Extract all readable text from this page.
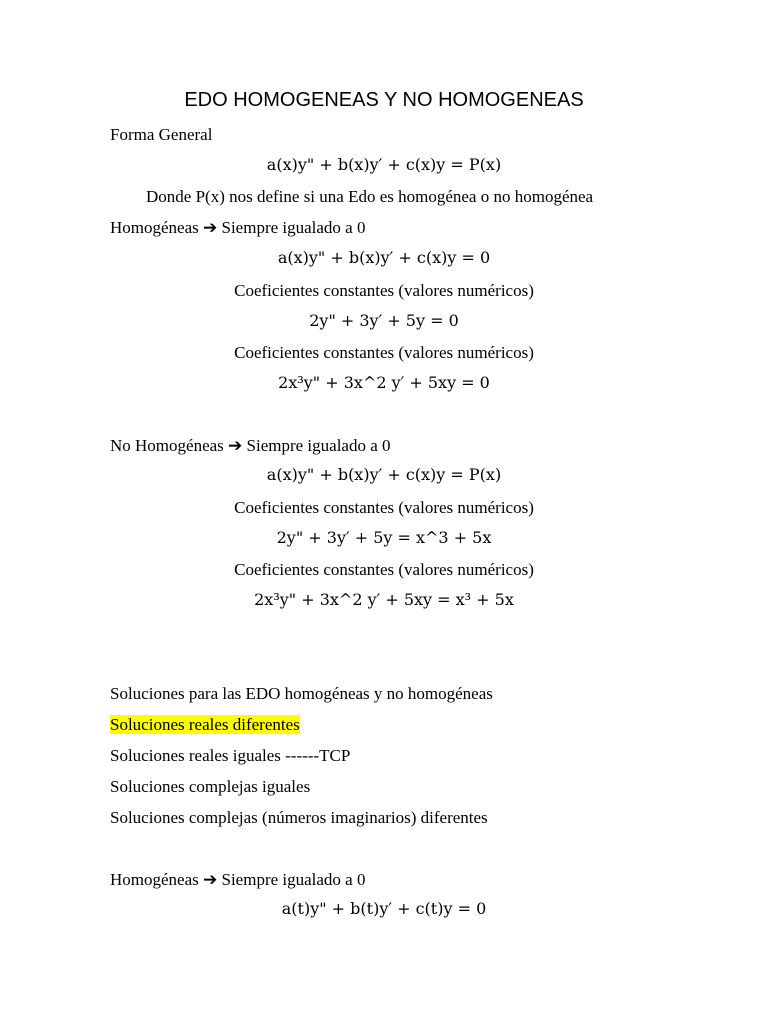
EDO HOMOGENEAS Y NO HOMOGENEAS
Forma General
a(x)y" + b(x)y′ + c(x)y = P(x)
Donde P(x) nos define si una Edo es homogénea o no homogénea
Homogéneas ➔ Siempre igualado a 0
a(x)y" + b(x)y′ + c(x)y = 0
Coeficientes constantes (valores numéricos)
2y" + 3y′ + 5y = 0
Coeficientes constantes (valores numéricos)
2x³y" + 3x^2 y′ + 5xy = 0
No Homogéneas ➔ Siempre igualado a 0
a(x)y" + b(x)y′ + c(x)y = P(x)
Coeficientes constantes (valores numéricos)
2y" + 3y′ + 5y = x^3 + 5x
Coeficientes constantes (valores numéricos)
2x³y" + 3x^2 y′ + 5xy = x³ + 5x
Soluciones para las EDO homogéneas y no homogéneas
Soluciones reales diferentes
Soluciones reales iguales ------TCP
Soluciones complejas iguales
Soluciones complejas (números imaginarios) diferentes
Homogéneas ➔ Siempre igualado a 0
a(t)y" + b(t)y′ + c(t)y = 0
